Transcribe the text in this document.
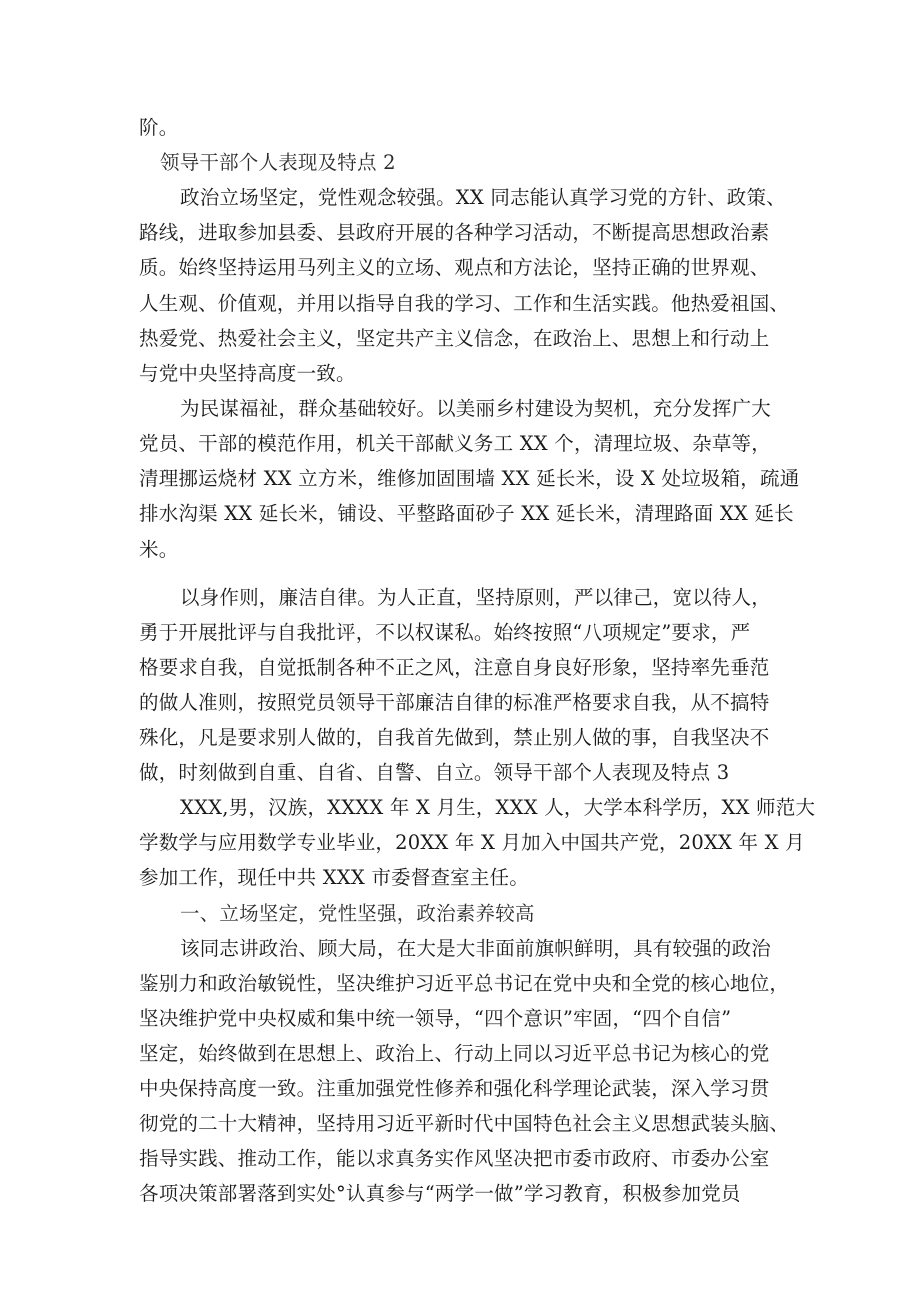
阶。
领导干部个人表现及特点 2
政治立场坚定，党性观念较强。XX 同志能认真学习党的方针、政策、
路线，进取参加县委、县政府开展的各种学习活动，不断提高思想政治素
质。始终坚持运用马列主义的立场、观点和方法论，坚持正确的世界观、
人生观、价值观，并用以指导自我的学习、工作和生活实践。他热爱祖国、
热爱党、热爱社会主义，坚定共产主义信念，在政治上、思想上和行动上
与党中央坚持高度一致。
为民谋福祉，群众基础较好。以美丽乡村建设为契机，充分发挥广大
党员、干部的模范作用，机关干部献义务工 XX 个，清理垃圾、杂草等，
清理挪运烧材 XX 立方米，维修加固围墙 XX 延长米，设 X 处垃圾箱，疏通
排水沟渠 XX 延长米，铺设、平整路面砂子 XX 延长米，清理路面 XX 延长
米。
以身作则，廉洁自律。为人正直，坚持原则，严以律己，宽以待人，
勇于开展批评与自我批评，不以权谋私。始终按照“八项规定”要求，严
格要求自我，自觉抵制各种不正之风，注意自身良好形象，坚持率先垂范
的做人准则，按照党员领导干部廉洁自律的标准严格要求自我，从不搞特
殊化，凡是要求别人做的，自我首先做到，禁止别人做的事，自我坚决不
做，时刻做到自重、自省、自警、自立。领导干部个人表现及特点 3
XXX,男，汉族，XXXX 年 X 月生，XXX 人，大学本科学历，XX 师范大
学数学与应用数学专业毕业，20XX 年 X 月加入中国共产党，20XX 年 X 月
参加工作，现任中共 XXX 市委督查室主任。
一、立场坚定，党性坚强，政治素养较高
该同志讲政治、顾大局，在大是大非面前旗帜鲜明，具有较强的政治
鉴别力和政治敏锐性，坚决维护习近平总书记在党中央和全党的核心地位，
坚决维护党中央权威和集中统一领导，“四个意识”牢固，“四个自信”
坚定，始终做到在思想上、政治上、行动上同以习近平总书记为核心的党
中央保持高度一致。注重加强党性修养和强化科学理论武装，深入学习贯
彻党的二十大精神，坚持用习近平新时代中国特色社会主义思想武装头脑、
指导实践、推动工作，能以求真务实作风坚决把市委市政府、市委办公室
各项决策部署落到实处°认真参与“两学一做”学习教育，积极参加党员
